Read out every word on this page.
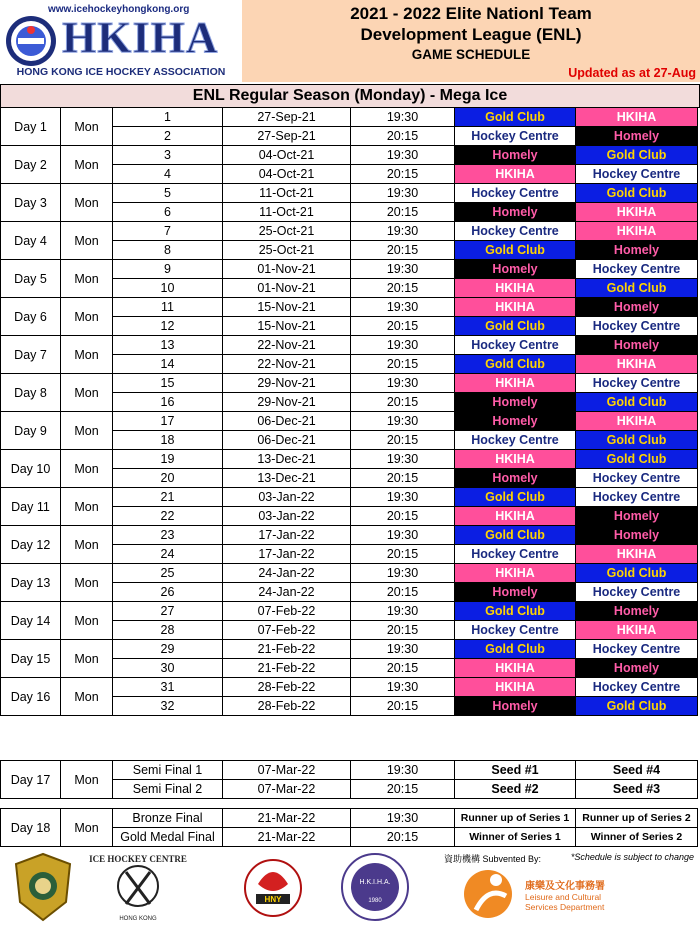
www.icehockeyhongkong.org
HKIHA
HONG KONG ICE HOCKEY ASSOCIATION
2021 - 2022 Elite Nationl Team
Development League (ENL)
GAME SCHEDULE
Updated as at 27-Aug
ENL Regular Season (Monday) - Mega Ice
Day 1	Mon	1	27-Sep-21	19:30	Gold Club	HKIHA
		2	27-Sep-21	20:15	Hockey Centre	Homely
Day 2	Mon	3	04-Oct-21	19:30	Homely	Gold Club
		4	04-Oct-21	20:15	HKIHA	Hockey Centre
Day 3	Mon	5	11-Oct-21	19:30	Hockey Centre	Gold Club
		6	11-Oct-21	20:15	Homely	HKIHA
Day 4	Mon	7	25-Oct-21	19:30	Hockey Centre	HKIHA
		8	25-Oct-21	20:15	Gold Club	Homely
Day 5	Mon	9	01-Nov-21	19:30	Homely	Hockey Centre
		10	01-Nov-21	20:15	HKIHA	Gold Club
Day 6	Mon	11	15-Nov-21	19:30	HKIHA	Homely
		12	15-Nov-21	20:15	Gold Club	Hockey Centre
Day 7	Mon	13	22-Nov-21	19:30	Hockey Centre	Homely
		14	22-Nov-21	20:15	Gold Club	HKIHA
Day 8	Mon	15	29-Nov-21	19:30	HKIHA	Hockey Centre
		16	29-Nov-21	20:15	Homely	Gold Club
Day 9	Mon	17	06-Dec-21	19:30	Homely	HKIHA
		18	06-Dec-21	20:15	Hockey Centre	Gold Club
Day 10	Mon	19	13-Dec-21	19:30	HKIHA	Gold Club
		20	13-Dec-21	20:15	Homely	Hockey Centre
Day 11	Mon	21	03-Jan-22	19:30	Gold Club	Hockey Centre
		22	03-Jan-22	20:15	HKIHA	Homely
Day 12	Mon	23	17-Jan-22	19:30	Gold Club	Homely
		24	17-Jan-22	20:15	Hockey Centre	HKIHA
Day 13	Mon	25	24-Jan-22	19:30	HKIHA	Gold Club
		26	24-Jan-22	20:15	Homely	Hockey Centre
Day 14	Mon	27	07-Feb-22	19:30	Gold Club	Homely
		28	07-Feb-22	20:15	Hockey Centre	HKIHA
Day 15	Mon	29	21-Feb-22	19:30	Gold Club	Hockey Centre
		30	21-Feb-22	20:15	HKIHA	Homely
Day 16	Mon	31	28-Feb-22	19:30	HKIHA	Hockey Centre
		32	28-Feb-22	20:15	Homely	Gold Club
Day 17	Mon	Semi Final 1	07-Mar-22	19:30	Seed #1	Seed #4
		Semi Final 2	07-Mar-22	20:15	Seed #2	Seed #3
Day 18	Mon	Bronze Final	21-Mar-22	19:30	Runner up of Series 1	Runner up of Series 2
		Gold Medal Final	21-Mar-22	20:15	Winner of Series 1	Winner of Series 2
ICE HOCKEY CENTRE
HONG KONG
HNY
H.K.I.H.A.
1980
資助機構 Subvented By:
康樂及文化事務署
Leisure and Cultural
Services Department
*Schedule is subject to change
